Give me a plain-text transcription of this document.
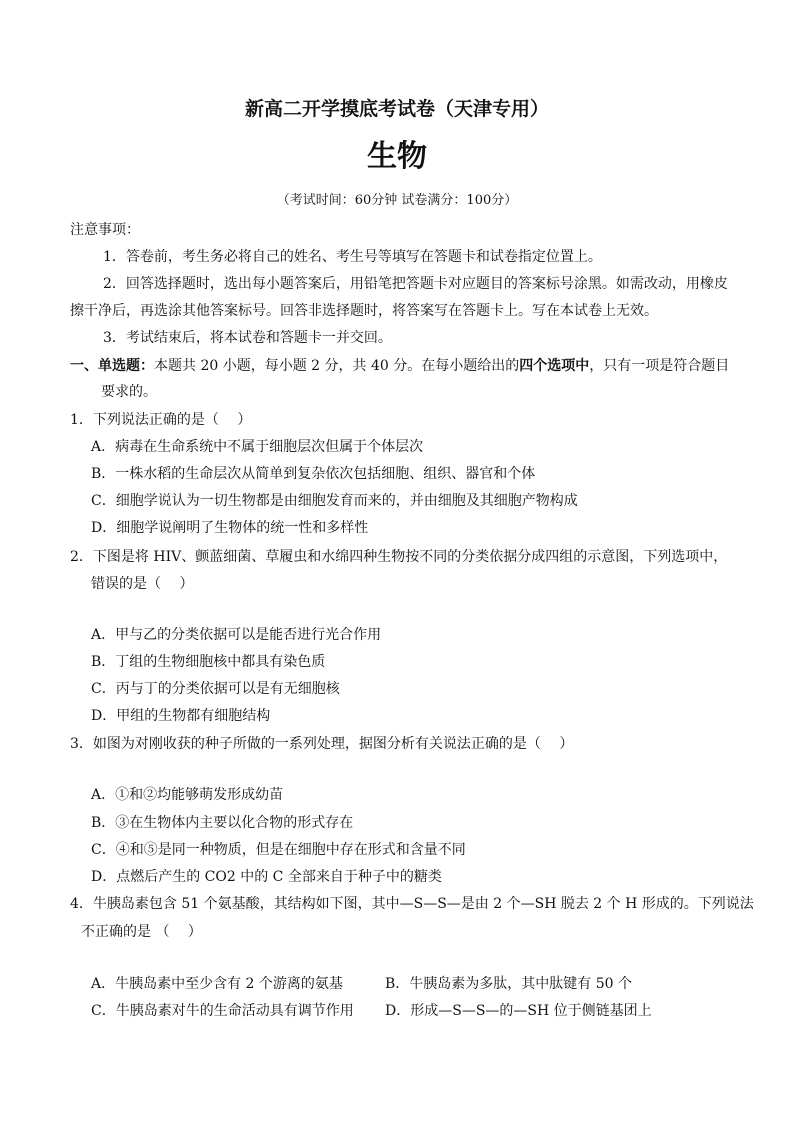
新高二开学摸底考试卷（天津专用）
生物
（考试时间：60分钟 试卷满分：100分）
注意事项：
1．答卷前，考生务必将自己的姓名、考生号等填写在答题卡和试卷指定位置上。
2．回答选择题时，选出每小题答案后，用铅笔把答题卡对应题目的答案标号涂黑。如需改动，用橡皮
擦干净后，再选涂其他答案标号。回答非选择题时，将答案写在答题卡上。写在本试卷上无效。
3．考试结束后，将本试卷和答题卡一并交回。
一、单选题：本题共 20 小题，每小题 2 分，共 40 分。在每小题给出的四个选项中，只有一项是符合题目
要求的。
1．下列说法正确的是（　 ）
A．病毒在生命系统中不属于细胞层次但属于个体层次
B．一株水稻的生命层次从简单到复杂依次包括细胞、组织、器官和个体
C．细胞学说认为一切生物都是由细胞发育而来的，并由细胞及其细胞产物构成
D．细胞学说阐明了生物体的统一性和多样性
2．下图是将 HIV、颤蓝细菌、草履虫和水绵四种生物按不同的分类依据分成四组的示意图，下列选项中，
错误的是（　 ）
A．甲与乙的分类依据可以是能否进行光合作用
B．丁组的生物细胞核中都具有染色质
C．丙与丁的分类依据可以是有无细胞核
D．甲组的生物都有细胞结构
3．如图为对刚收获的种子所做的一系列处理，据图分析有关说法正确的是（　 ）
A．①和②均能够萌发形成幼苗
B．③在生物体内主要以化合物的形式存在
C．④和⑤是同一种物质，但是在细胞中存在形式和含量不同
D．点燃后产生的 CO2 中的 C 全部来自于种子中的糖类
4．牛胰岛素包含 51 个氨基酸，其结构如下图，其中—S—S—是由 2 个—SH 脱去 2 个 H 形成的。下列说法
不正确的是 （　 ）
A．牛胰岛素中至少含有 2 个游离的氨基	B．牛胰岛素为多肽，其中肽键有 50 个
C．牛胰岛素对牛的生命活动具有调节作用 D．形成—S—S—的—SH 位于侧链基团上
